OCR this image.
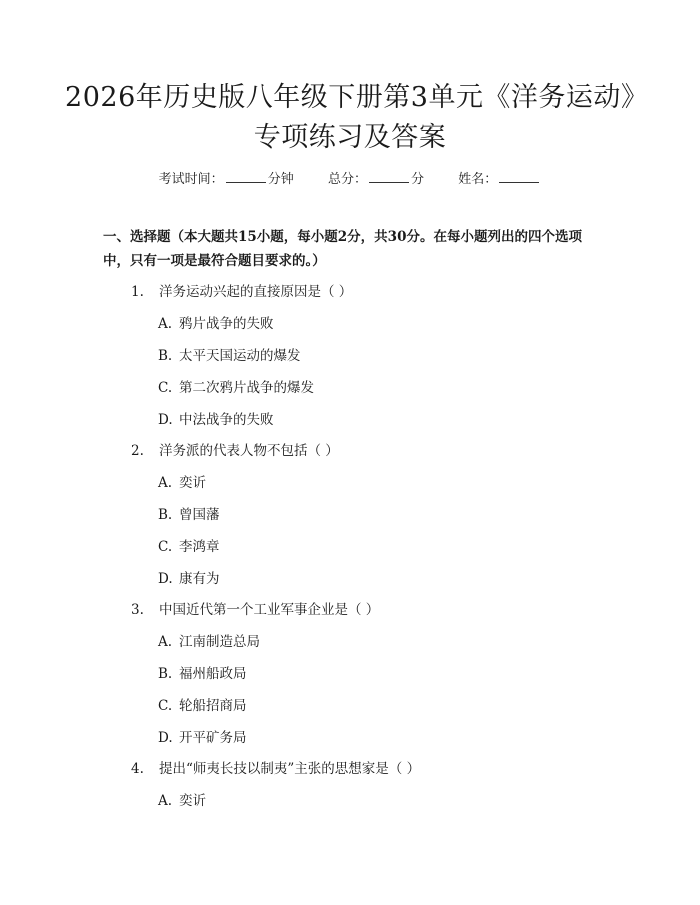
2026年历史版八年级下册第3单元《洋务运动》专项练习及答案
考试时间：	分钟	总分：	分	姓名：

一、选择题（本大题共15小题，每小题2分，共30分。在每小题列出的四个选项中，只有一项是最符合题目要求的。）

1. 洋务运动兴起的直接原因是（ ）
A. 鸦片战争的失败
B. 太平天国运动的爆发
C. 第二次鸦片战争的爆发
D. 中法战争的失败
2. 洋务派的代表人物不包括（ ）
A. 奕䜣
B. 曾国藩
C. 李鸿章
D. 康有为
3. 中国近代第一个工业军事企业是（ ）
A. 江南制造总局
B. 福州船政局
C. 轮船招商局
D. 开平矿务局
4. 提出“师夷长技以制夷”主张的思想家是（ ）
A. 奕䜣
